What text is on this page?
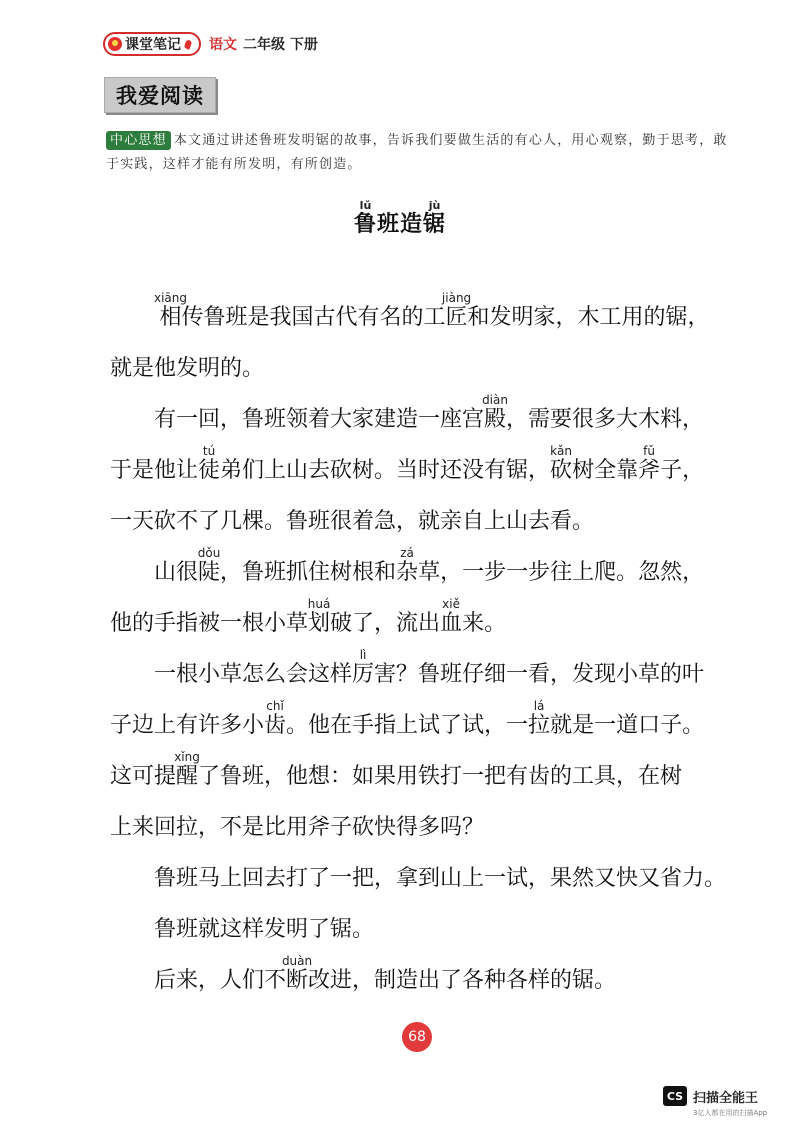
课堂笔记 语文 二年级 下册
我爱阅读
中心思想 本文通过讲述鲁班发明锯的故事，告诉我们要做生活的有心人，用心观察，勤于思考，敢于实践，这样才能有所发明，有所创造。
鲁lǔ班造锯jù

相xiāng传鲁班是我国古代有名的工匠jiàng和发明家，木工用的锯，
就是他发明的。

有一回，鲁班领着大家建造一座宫殿diàn，需要很多大木料，
于是他让徒tú弟们上山去砍树。当时还没有锯，砍kǎn树全靠斧fǔ子，
一天砍不了几棵。鲁班很着急，就亲自上山去看。

山很陡dǒu，鲁班抓住树根和杂zá草，一步一步往上爬。忽然，
他的手指被一根小草划huá破了，流出血xiě来。

一根小草怎么会这样厉lì害？鲁班仔细一看，发现小草的叶
子边上有许多小齿chǐ。他在手指上试了试，一拉lá就是一道口子。
这可提醒xǐng了鲁班，他想：如果用铁打一把有齿的工具，在树
上来回拉，不是比用斧子砍快得多吗？

鲁班马上回去打了一把，拿到山上一试，果然又快又省力。

鲁班就这样发明了锯。

后来，人们不断duàn改进，制造出了各种各样的锯。

68
CS 扫描全能王
3亿人都在用的扫描App
